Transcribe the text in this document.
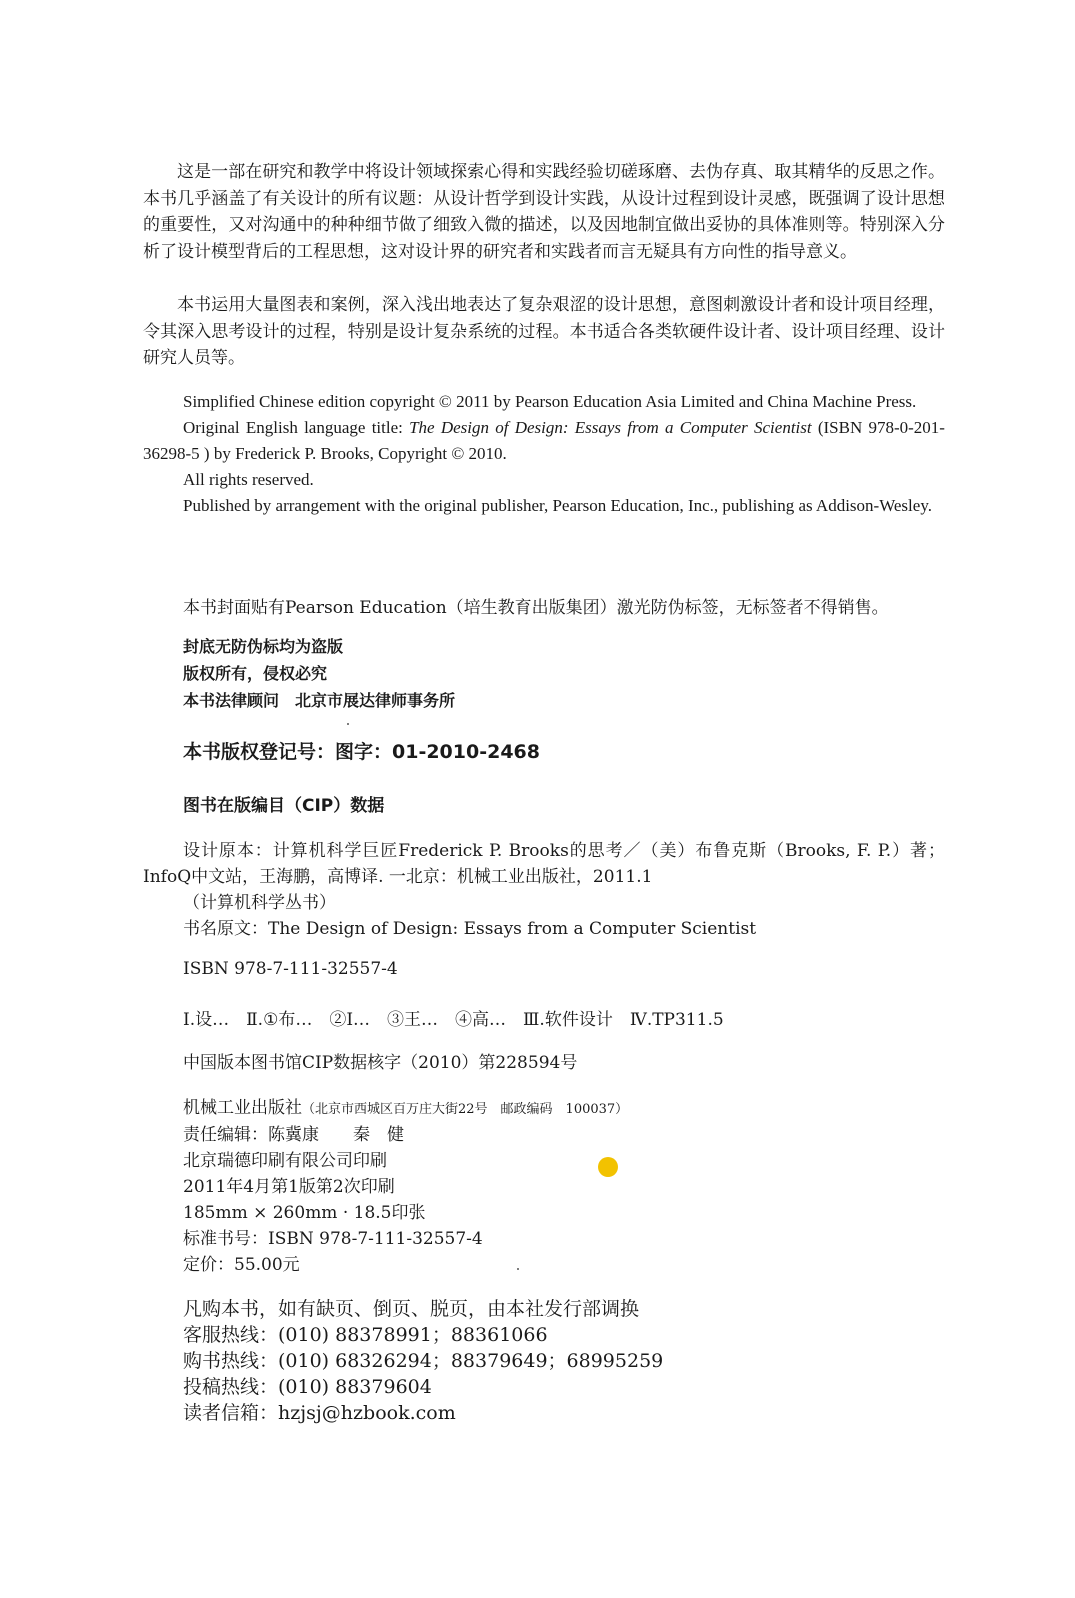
这是一部在研究和教学中将设计领域探索心得和实践经验切磋琢磨、去伪存真、取其精华的反思之作。本书几乎涵盖了有关设计的所有议题：从设计哲学到设计实践，从设计过程到设计灵感，既强调了设计思想的重要性，又对沟通中的种种细节做了细致入微的描述，以及因地制宜做出妥协的具体准则等。特别深入分析了设计模型背后的工程思想，这对设计界的研究者和实践者而言无疑具有方向性的指导意义。
本书运用大量图表和案例，深入浅出地表达了复杂艰涩的设计思想，意图刺激设计者和设计项目经理，令其深入思考设计的过程，特别是设计复杂系统的过程。本书适合各类软硬件设计者、设计项目经理、设计研究人员等。

Simplified Chinese edition copyright © 2011 by Pearson Education Asia Limited and China Machine Press.

Original English language title: The Design of Design: Essays from a Computer Scientist (ISBN 978-0-201-36298-5 ) by Frederick P. Brooks, Copyright © 2010.

All rights reserved.

Published by arrangement with the original publisher, Pearson Education, Inc., publishing as Addison-Wesley.

本书封面贴有Pearson Education（培生教育出版集团）激光防伪标签，无标签者不得销售。
封底无防伪标均为盗版
版权所有，侵权必究
本书法律顾问　北京市展达律师事务所
本书版权登记号：图字：01-2010-2468
图书在版编目（CIP）数据

设计原本：计算机科学巨匠Frederick P. Brooks的思考／（美）布鲁克斯（Brooks, F. P.）著；InfoQ中文站，王海鹏，高博译. 一北京：机械工业出版社，2011.1

（计算机科学丛书）

书名原文：The Design of Design: Essays from a Computer Scientist

ISBN 978-7-111-32557-4
Ⅰ.设…　Ⅱ.①布…　②I…　③王…　④高…　Ⅲ.软件设计　Ⅳ.TP311.5
中国版本图书馆CIP数据核字（2010）第228594号
机械工业出版社（北京市西城区百万庄大街22号　邮政编码　100037）
责任编辑：陈冀康　　秦　健
北京瑞德印刷有限公司印刷
2011年4月第1版第2次印刷
185mm × 260mm · 18.5印张
标准书号：ISBN 978-7-111-32557-4
定价：55.00元
凡购本书，如有缺页、倒页、脱页，由本社发行部调换
客服热线：(010) 88378991；88361066
购书热线：(010) 68326294；88379649；68995259
投稿热线：(010) 88379604
读者信箱：hzjsj@hzbook.com
